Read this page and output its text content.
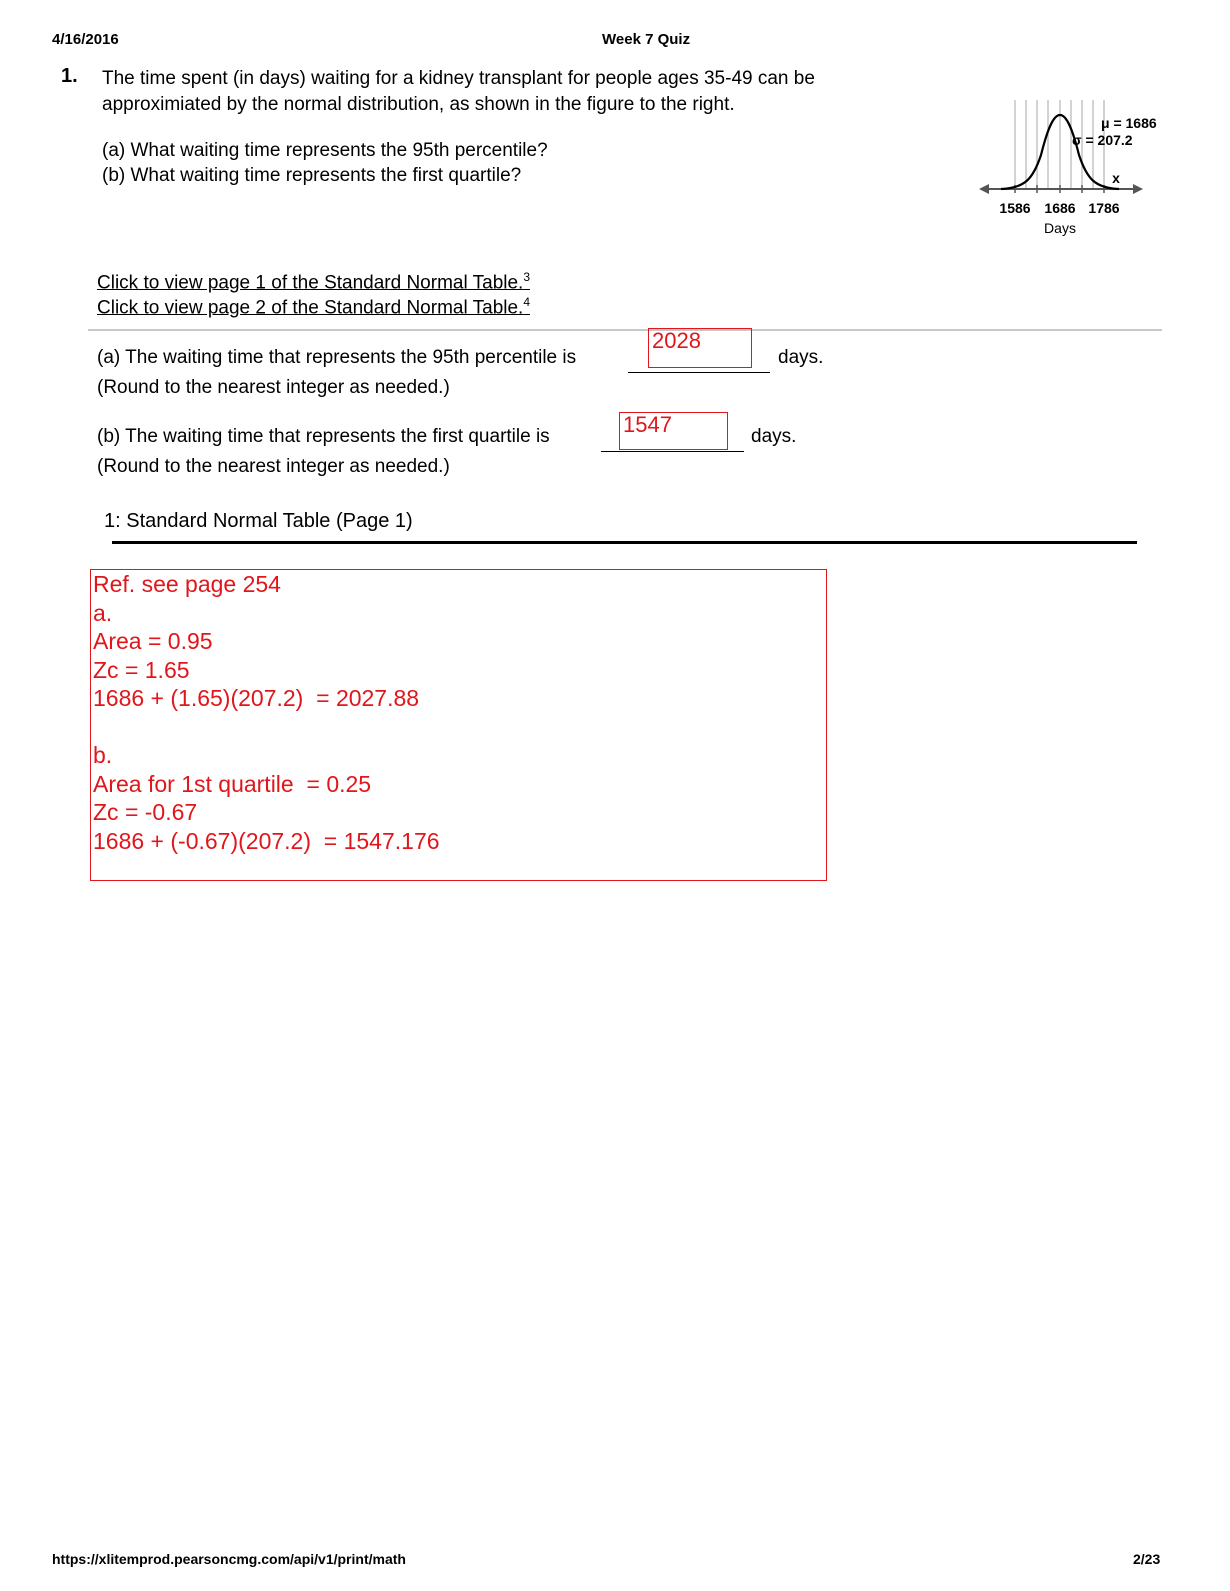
4/16/2016	Week 7 Quiz
1. The time spent (in days) waiting for a kidney transplant for people ages 35-49 can be
approximiated by the normal distribution, as shown in the figure to the right.
(a) What waiting time represents the 95th percentile?
(b) What waiting time represents the first quartile?
μ = 1686
σ = 207.2
x
1586 1686 1786
Days
Click to view page 1 of the Standard Normal Table.$^3$
Click to view page 2 of the Standard Normal Table.$^4$
(a) The waiting time that represents the 95th percentile is
2028
days.
(Round to the nearest integer as needed.)
(b) The waiting time that represents the first quartile is	1547	days.
(Round to the nearest integer as needed.)
1: Standard Normal Table (Page 1)
Ref. see page 254
a.
Area = 0.95
Zc = 1.65
1686 + (1.65)(207.2)  = 2027.88
b.
Area for 1st quartile  = 0.25
Zc = -0.67
1686 + (-0.67)(207.2)  = 1547.176
https://xlitemprod.pearsoncmg.com/api/v1/print/math	2/23
